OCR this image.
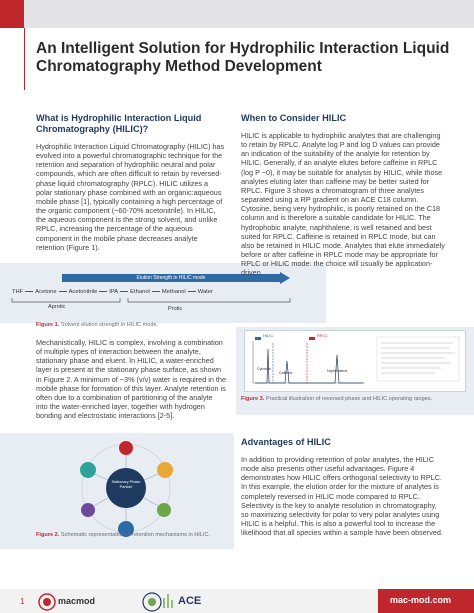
An Intelligent Solution for Hydrophilic Interaction Liquid Chromatography Method Development
What is Hydrophilic Interaction Liquid Chromatography (HILIC)?

Hydrophilic Interaction Liquid Chromatography (HILIC) has evolved into a powerful chromatographic technique for the retention and separation of hydrophilic neutral and polar compounds, which are often difficult to retain by reversed-phase liquid chromatography (RPLC). HILIC utilizes a polar stationary phase combined with an organic:aqueous mobile phase [1], typically containing a high percentage of the organic component (~60-70% acetonitrile). In HILIC, the aqueous component is the strong solvent, and unlike RPLC, increasing the percentage of the aqueous component in the mobile phase decreases analyte retention (Figure 1).

Elution Strength in HILIC mode
THF	Acetone	Acetonitrile	IPA	Ethanol	Methanol	Water
Aprotic	Protic
Figure 1. Solvent elution strength in HILIC mode.

Mechanistically, HILIC is complex, involving a combination of multiple types of interaction between the analyte, stationary phase and eluent. In HILIC, a water-enriched layer is present at the stationary phase surface, as shown in Figure 2. A minimum of ~3% (v/v) water is required in the mobile phase for formation of this layer. Analyte retention is often due to a combination of partitioning of the analyte into the water-enriched layer, together with hydrogen bonding and electrostatic interactions [2-5].

Stationary Phase Particle
Figure 2. Schematic representation of retention mechanisms in HILIC.
When to Consider HILIC

HILIC is applicable to hydrophilic analytes that are challenging to retain by RPLC. Analyte log P and log D values can provide an indication of the suitability of the analyte for retention by HILIC. Generally, if an analyte elutes before caffeine in RPLC (log P ~0), it may be suitable for analysis by HILIC, while those analytes eluting later than caffeine may be better suited for RPLC. Figure 3 shows a chromatogram of three analytes separated using a RP gradient on an ACE C18 column. Cytosine, being very hydrophilic, is poorly retained on the C18 column and is therefore a suitable candidate for HILIC. The hydrophobic analyte, naphthalene, is well retained and best suited for RPLC. Caffeine is retained in RPLC mode, but can also be retained in HILIC mode. Analytes that elute immediately before or after caffeine in RPLC mode may be appropriate for RPLC or HILIC mode: the choice will usually be application-driven.

HILIC	RPLC
Cytosine
Caffeine	Naphthalene
Figure 3. Practical illustration of reversed phase and HILIC operating ranges.
Advantages of HILIC

In addition to providing retention of polar analytes, the HILIC mode also presents other useful advantages. Figure 4 demonstrates how HILIC offers orthogonal selectivity to RPLC. In this example, the elution order for the mixture of analytes is completely reversed in HILIC mode compared to RPLC. Selectivity is the key to analyte resolution in chromatography, so maximizing selectivity for polar to very polar analytes using HILIC is a helpful. This is also a powerful tool to increase the likelihood that all species within a sample have been observed.

1	macmod	ACE	mac-mod.com
